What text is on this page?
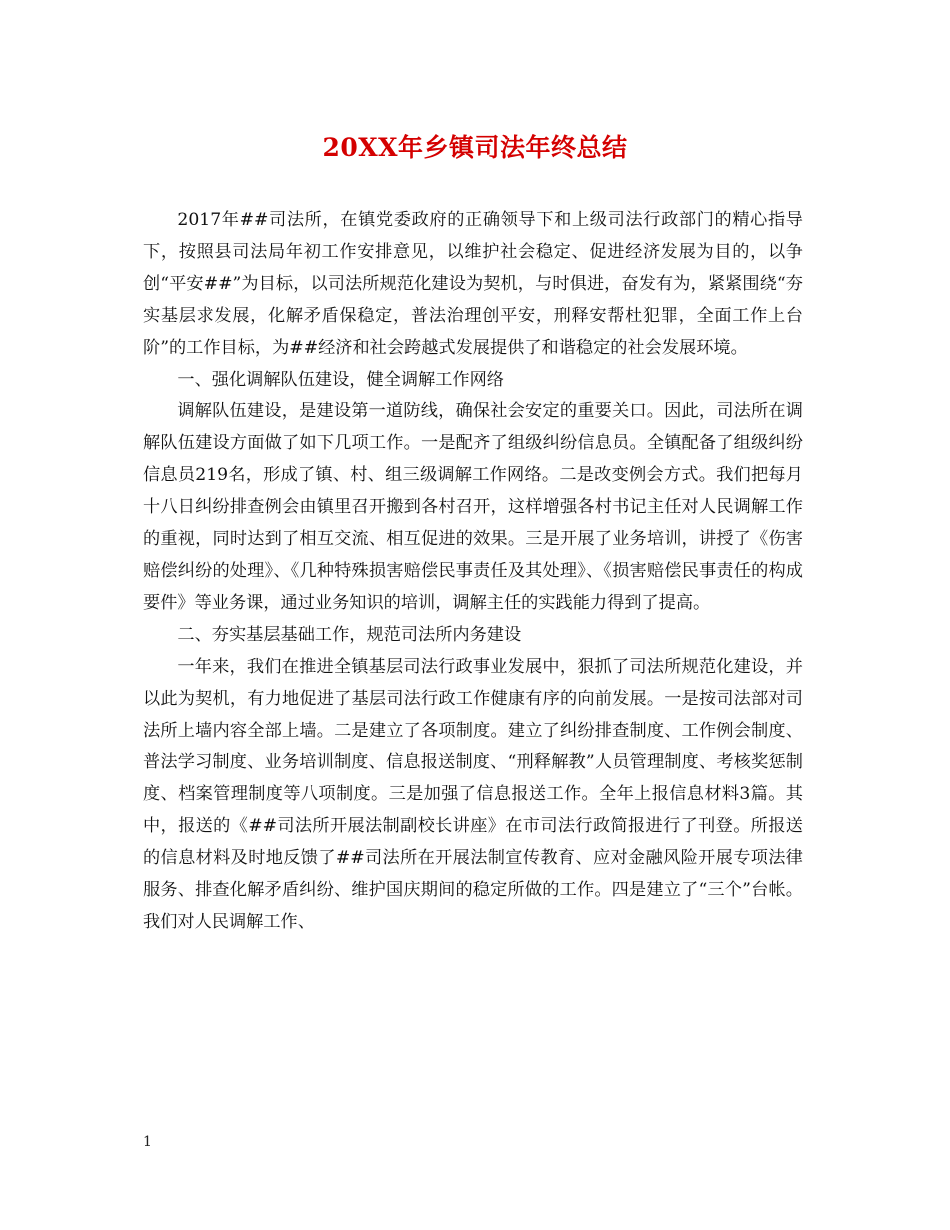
20XX年乡镇司法年终总结

2017年##司法所，在镇党委政府的正确领导下和上级司法行政部门的精心指导下，按照县司法局年初工作安排意见，以维护社会稳定、促进经济发展为目的，以争创“平安##”为目标，以司法所规范化建设为契机，与时俱进，奋发有为，紧紧围绕“夯实基层求发展，化解矛盾保稳定，普法治理创平安，刑释安帮杜犯罪，全面工作上台阶”的工作目标，为##经济和社会跨越式发展提供了和谐稳定的社会发展环境。

一、强化调解队伍建设，健全调解工作网络

调解队伍建设，是建设第一道防线，确保社会安定的重要关口。因此，司法所在调解队伍建设方面做了如下几项工作。一是配齐了组级纠纷信息员。全镇配备了组级纠纷信息员219名，形成了镇、村、组三级调解工作网络。二是改变例会方式。我们把每月十八日纠纷排查例会由镇里召开搬到各村召开，这样增强各村书记主任对人民调解工作的重视，同时达到了相互交流、相互促进的效果。三是开展了业务培训，讲授了《伤害赔偿纠纷的处理》、《几种特殊损害赔偿民事责任及其处理》、《损害赔偿民事责任的构成要件》等业务课，通过业务知识的培训，调解主任的实践能力得到了提高。

二、夯实基层基础工作，规范司法所内务建设

一年来，我们在推进全镇基层司法行政事业发展中，狠抓了司法所规范化建设，并以此为契机，有力地促进了基层司法行政工作健康有序的向前发展。一是按司法部对司法所上墙内容全部上墙。二是建立了各项制度。建立了纠纷排查制度、工作例会制度、普法学习制度、业务培训制度、信息报送制度、“刑释解教”人员管理制度、考核奖惩制度、档案管理制度等八项制度。三是加强了信息报送工作。全年上报信息材料3篇。其中，报送的《##司法所开展法制副校长讲座》在市司法行政简报进行了刊登。所报送的信息材料及时地反馈了##司法所在开展法制宣传教育、应对金融风险开展专项法律服务、排查化解矛盾纠纷、维护国庆期间的稳定所做的工作。四是建立了“三个”台帐。我们对人民调解工作、

1
